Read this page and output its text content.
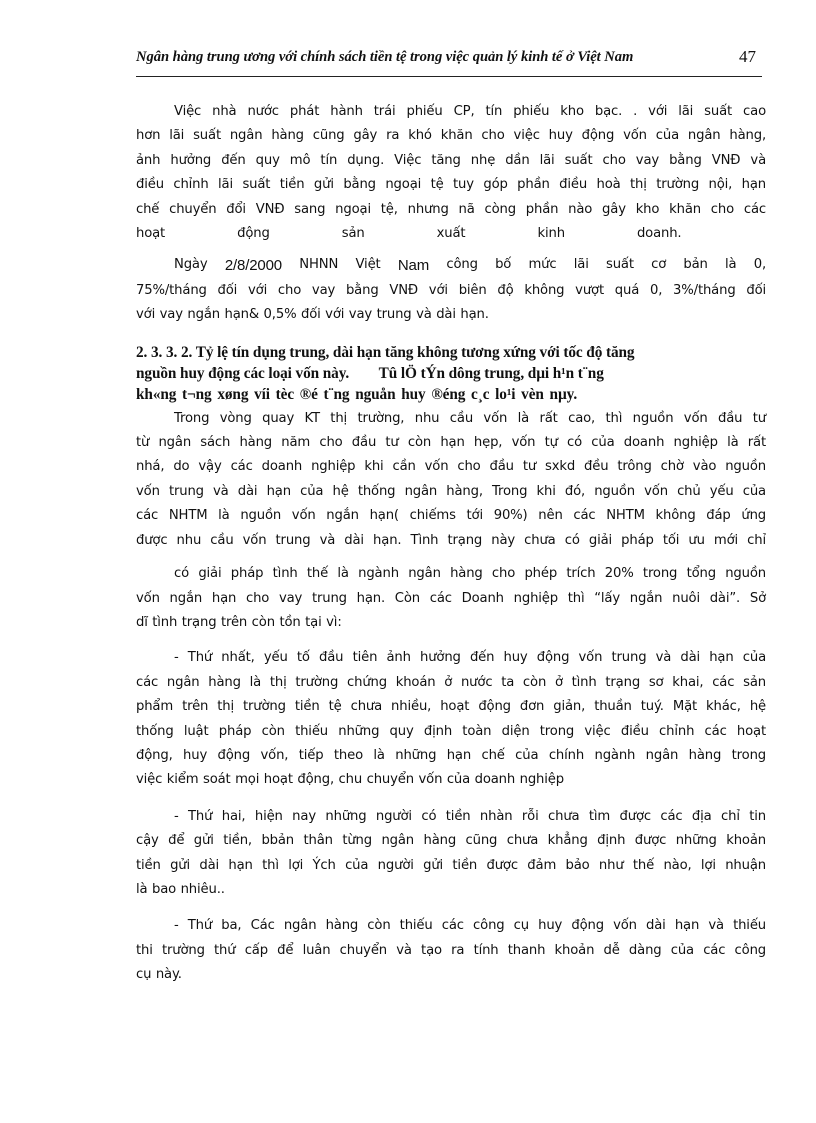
Ngân hàng trung ương với chính sách tiền tệ trong việc quản lý kinh tế ở Việt Nam	47

Việc nhà nước phát hành trái phiếu CP, tín phiếu kho bạc. . với lãi suất cao
hơn lãi suất ngân hàng cũng gây ra khó khăn cho việc huy động vốn của ngân hàng,
ảnh hưởng đến quy mô tín dụng. Việc tăng nhẹ dần lãi suất cho vay bằng VNĐ và
điều chỉnh lãi suất tiền gửi bằng ngoại tệ tuy góp phần điều hoà thị trường nội, hạn
chế chuyển đổi VNĐ sang ngoại tệ, nhưng nã còng phần nào gây kho khăn cho các
hoạt động sản xuất kinh doanh.

Ngày 2/8/2000 NHNN Việt Nam công bố mức lãi suất cơ bản là 0,
75%/tháng đối với cho vay bằng VNĐ với biên độ không vượt quá 0, 3%/tháng đối
với vay ngắn hạn& 0,5% đối với vay trung và dài hạn.

2. 3. 3. 2. Tỷ lệ tín dụng trung, dài hạn tăng không tương xứng với tốc độ tăng
nguồn huy động các loại vốn này.        Tû lÖ tÝn dông trung, dµi h¹n t¨ng
kh«ng t¬ng xøng víi tèc ®é t¨ng nguån huy ®éng c¸c lo¹i vèn nµy.

Trong vòng quay KT thị trường, nhu cầu vốn là rất cao, thì nguồn vốn đầu tư
từ ngân sách hàng năm cho đầu tư còn hạn hẹp, vốn tự có của doanh nghiệp là rất
nhá, do vậy các doanh nghiệp khi cần vốn cho đầu tư sxkd đều trông chờ vào nguồn
vốn trung và dài hạn của hệ thống ngân hàng, Trong khi đó, nguồn vốn chủ yếu của
các NHTM là nguồn vốn ngắn hạn( chiếms tới 90%) nên các NHTM không đáp ứng
được nhu cầu vốn trung và dài hạn. Tình trạng này chưa có giải pháp tối ưu mới chỉ

có giải pháp tình thế là ngành ngân hàng cho phép trích 20% trong tổng nguồn
vốn ngắn hạn cho vay trung hạn. Còn các Doanh nghiệp thì “lấy ngắn nuôi dài”. Sở
dĩ tình trạng trên còn tồn tại vì:

- Thứ nhất, yếu tố đầu tiên ảnh hưởng đến huy động vốn trung và dài hạn của
các ngân hàng là thị trường chứng khoán ở nước ta còn ở tình trạng sơ khai, các sản
phẩm trên thị trường tiền tệ chưa nhiều, hoạt động đơn giản, thuần tuý. Mặt khác, hệ
thống luật pháp còn thiếu những quy định toàn diện trong việc điều chỉnh các hoạt
động, huy động vốn, tiếp theo là những hạn chế của chính ngành ngân hàng trong
việc kiểm soát mọi hoạt động, chu chuyển vốn của doanh nghiệp

- Thứ hai, hiện nay những người có tiền nhàn rỗi chưa tìm được các địa chỉ tin
cậy để gửi tiền, bbản thân từng ngân hàng cũng chưa khẳng định được những khoản
tiền gửi dài hạn thì lợi Ých của người gửi tiền được đảm bảo như thế nào, lợi nhuận
là bao nhiêu..

- Thứ ba, Các ngân hàng còn thiếu các công cụ huy động vốn dài hạn và thiếu
thi trường thứ cấp để luân chuyển và tạo ra tính thanh khoản dễ dàng của các công
cụ này.
